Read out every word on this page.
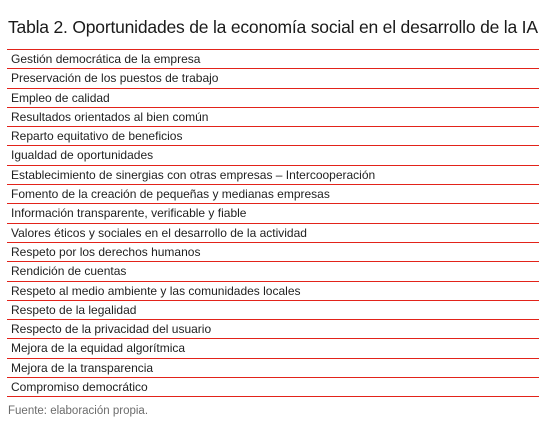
Tabla 2. Oportunidades de la economía social en el desarrollo de la IA
Gestión democrática de la empresa
Preservación de los puestos de trabajo
Empleo de calidad
Resultados orientados al bien común
Reparto equitativo de beneficios
Igualdad de oportunidades
Establecimiento de sinergias con otras empresas – Intercooperación
Fomento de la creación de pequeñas y medianas empresas
Información transparente, verificable y fiable
Valores éticos y sociales en el desarrollo de la actividad
Respeto por los derechos humanos
Rendición de cuentas
Respeto al medio ambiente y las comunidades locales
Respeto de la legalidad
Respecto de la privacidad del usuario
Mejora de la equidad algorítmica
Mejora de la transparencia
Compromiso democrático
Fuente: elaboración propia.
